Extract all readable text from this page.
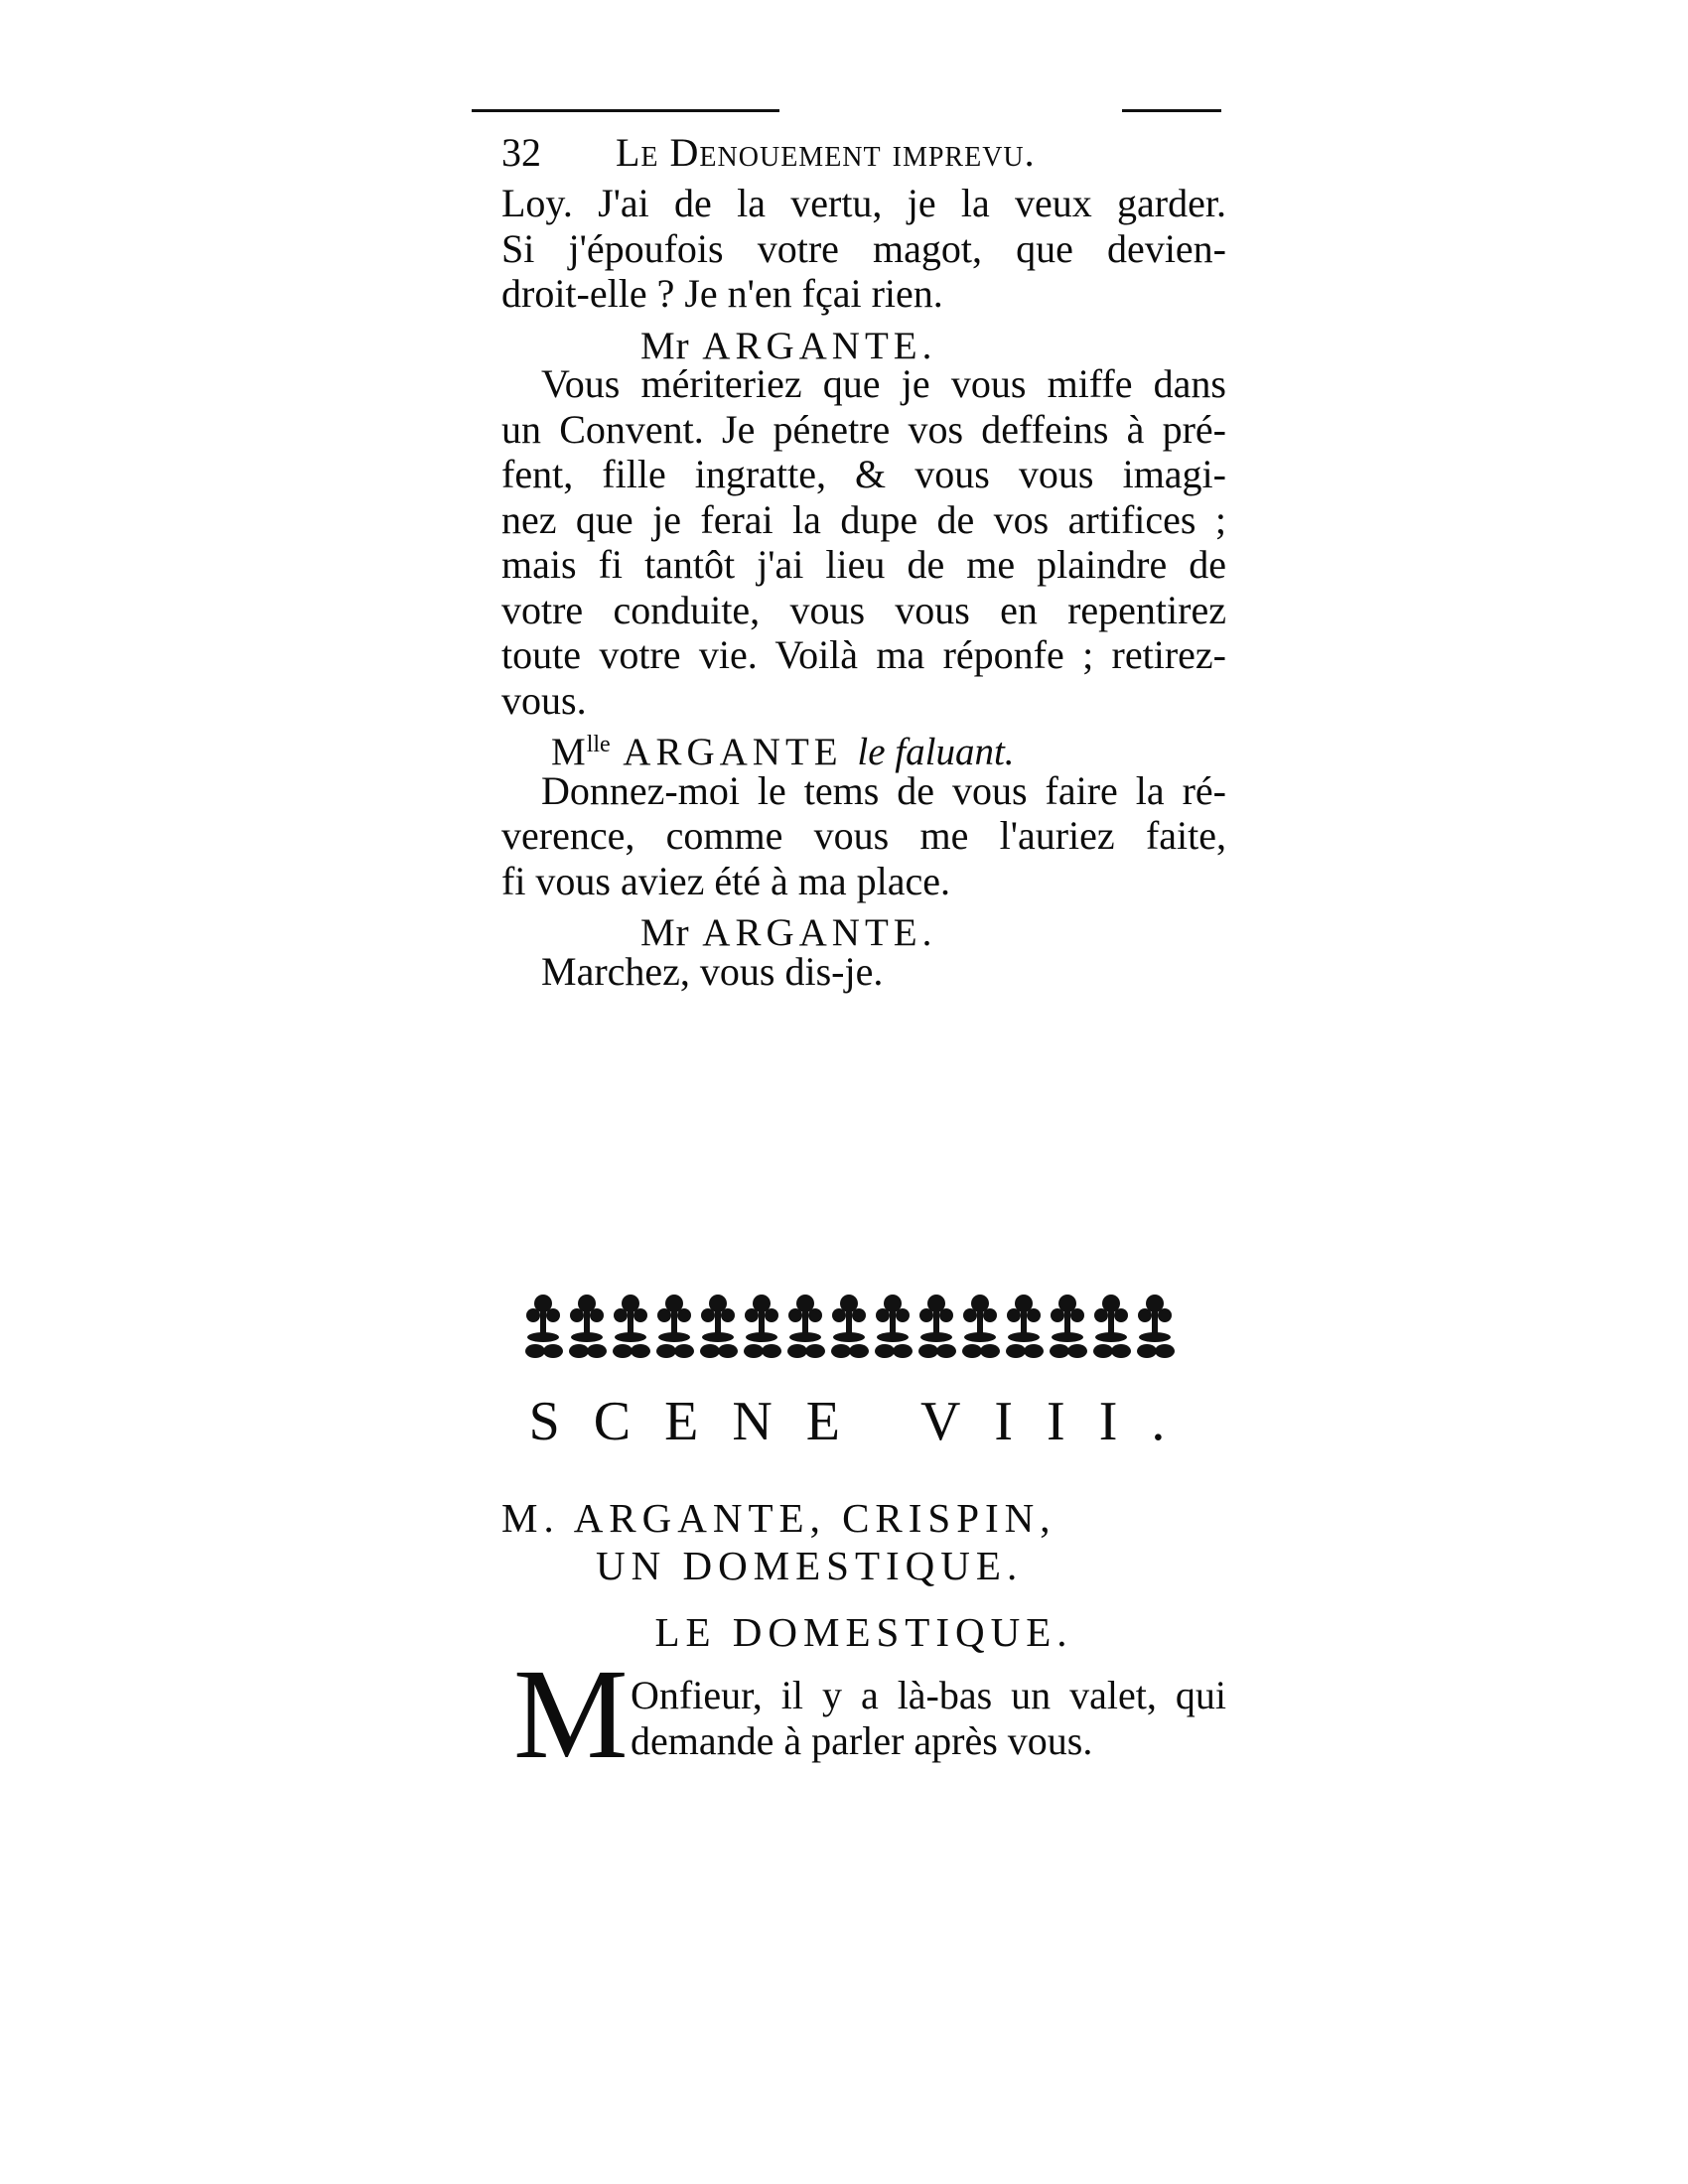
32 Le Denouement imprevu.
Loy. J'ai de la vertu, je la veux garder.
Si j'époufois votre magot, que devien-
droit-elle ? Je n'en fçai rien.
Mr ARGANTE.
Vous mériteriez que je vous miffe dans
un Convent. Je pénetre vos deffeins à pré-
fent, fille ingratte, & vous vous imagi-
nez que je ferai la dupe de vos artifices ;
mais fi tantôt j'ai lieu de me plaindre de
votre conduite, vous vous en repentirez
toute votre vie. Voilà ma réponfe ; retirez-
vous.
$M^{lle}$ ARGANTE le faluant.
Donnez-moi le tems de vous faire la ré-
verence, comme vous me l'auriez faite,
fi vous aviez été à ma place.
Mr ARGANTE.
Marchez, vous dis-je.
SCENE VIII.
M. ARGANTE, CRISPIN,
UN DOMESTIQUE.
LE DOMESTIQUE.
M Onfieur, il y a là-bas un valet, qui
demande à parler après vous.
